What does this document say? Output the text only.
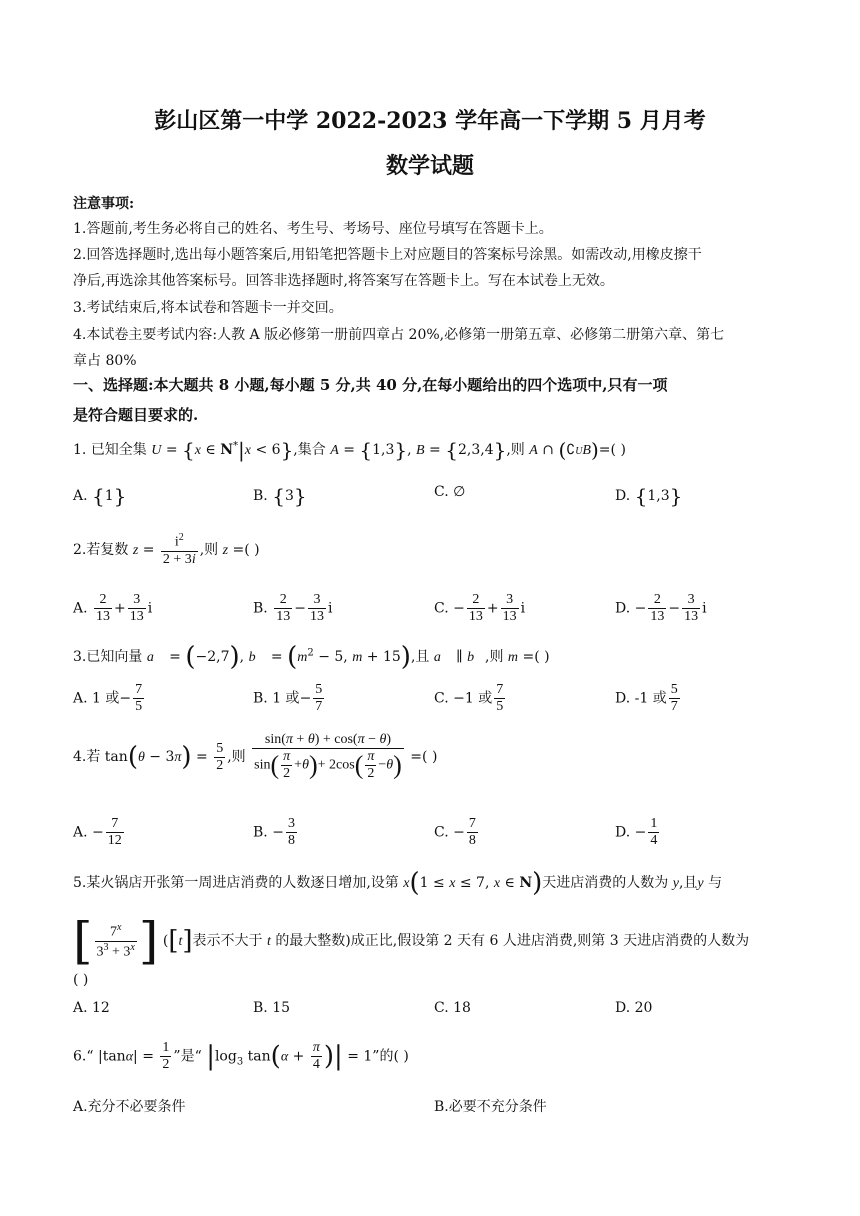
彭山区第一中学 2022-2023 学年高一下学期 5 月月考
数学试题
注意事项:
1.答题前,考生务必将自己的姓名、考生号、考场号、座位号填写在答题卡上。
2.回答选择题时,选出每小题答案后,用铅笔把答题卡上对应题目的答案标号涂黑。如需改动,用橡皮擦干
净后,再选涂其他答案标号。回答非选择题时,将答案写在答题卡上。写在本试卷上无效。
3.考试结束后,将本试卷和答题卡一并交回。
4.本试卷主要考试内容:人教 A 版必修第一册前四章占 20%,必修第一册第五章、必修第二册第六章、第七
章占 80%
一、选择题:本大题共 8 小题,每小题 5 分,共 40 分,在每小题给出的四个选项中,只有一项
是符合题目要求的.
1. 已知全集 U = {x ∈ N*|x < 6},集合 A = {1,3}, B = {2,3,4},则 A ∩ (∁UB)=( )
A. {1}	B. {3}	C. ∅	D. {1,3}
2.若复数 $z = \frac{i^2}{2 + 3i}$ ,则 z =( )
A. $\frac{2}{13} + \frac{3}{13}$ i	B. $\frac{2}{13} - \frac{3}{13}$ i	C. − $\frac{2}{13} + \frac{3}{13}$ i	D. − $\frac{2}{13} - \frac{3}{13}$ i
3.已知向量 a⃗ = (−2,7), b⃗ = ($m^2 - 5$, m + 15),且 a⃗ ∥ b⃗,则 m =( )
A. 1 或− $\frac{7}{5}$	B. 1 或− $\frac{5}{7}$	C. −1 或 $\frac{7}{5}$	D. -1 或 $\frac{5}{7}$
4.若 $\tan(\theta - 3\pi) = \frac{5}{2}$ ,则 $\frac{\sin(\pi + \theta) + \cos(\pi - \theta)}{\sin( \frac{\pi}{2} +\theta)+ 2\cos( \frac{\pi}{2} -\theta)}$ =( )
A. − $\frac{7}{12}$	B. − $\frac{3}{8}$	C. − $\frac{7}{8}$	D. − $\frac{1}{4}$
5.某火锅店开张第一周进店消费的人数逐日增加,设第 x(1 ≤ x ≤ 7, x ∈ N)天进店消费的人数为 y,且y 与
[ $\frac{7^x}{3^3 + 3^x}$ ] ([t]表示不大于 t 的最大整数)成正比,假设第 2 天有 6 人进店消费,则第 3 天进店消费的人数为
( )
A. 12	B. 15	C. 18	D. 20
6.“ $|\tan\alpha| = \frac{1}{2}$ ”是“ $|\log_3$ $\tan(\alpha + \frac{\pi}{4}$ )| = 1”的( )
A.充分不必要条件	B.必要不充分条件
